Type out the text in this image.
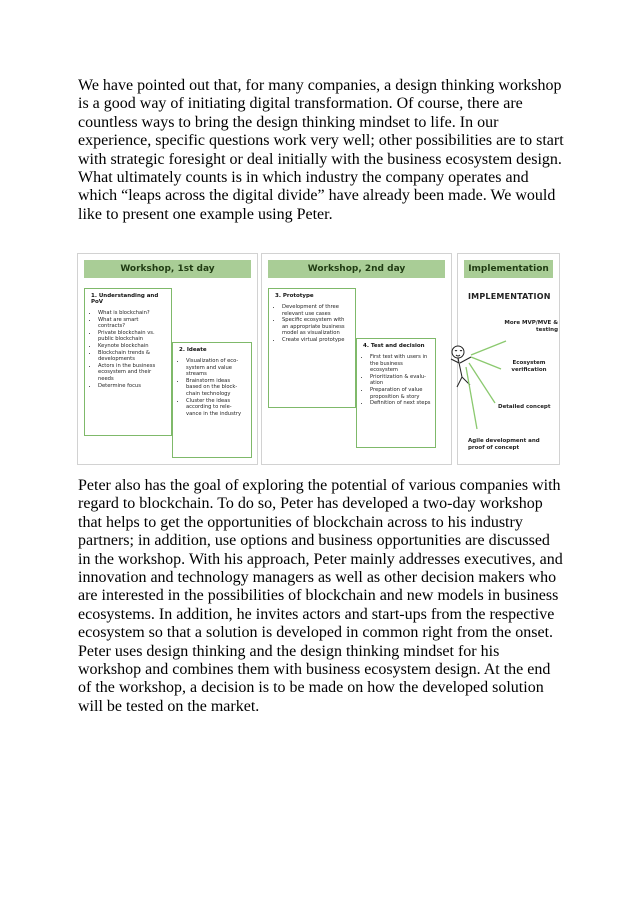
We have pointed out that, for many companies, a design thinking workshop is a good way of initiating digital transformation. Of course, there are countless ways to bring the design thinking mindset to life. In our experience, specific questions work very well; other possibilities are to start with strategic foresight or deal initially with the business ecosystem design. What ultimately counts is in which industry the company operates and which “leaps across the digital divide” have already been made. We would like to present one example using Peter.

Workshop, 1st day
1. Understanding and PoV
• What is blockchain?
• What are smart contracts?
• Private blockchain vs. public blockchain
• Keynote blockchain
• Blockchain trends & developments
• Actors in the business ecosystem and their needs
• Determine focus
2. Ideate
• Visualization of eco-system and value streams
• Brainstorm ideas based on the block-chain technology
• Cluster the ideas according to rele-vance in the industry
Workshop, 2nd day
3. Prototype
• Development of three relevant use cases
• Specific ecosystem with an appropriate business model as visualization
• Create virtual prototype
4. Test and decision
• First test with users in the business ecosystem
• Prioritization & evalu-ation
• Preparation of value proposition & story
• Definition of next steps
Implementation
IMPLEMENTATION
More MVP/MVE & testing
Ecosystem verification
Detailed concept
Agile development and proof of concept

Peter also has the goal of exploring the potential of various companies with regard to blockchain. To do so, Peter has developed a two-day workshop that helps to get the opportunities of blockchain across to his industry partners; in addition, use options and business opportunities are discussed in the workshop. With his approach, Peter mainly addresses executives, and innovation and technology managers as well as other decision makers who are interested in the possibilities of blockchain and new models in business ecosystems. In addition, he invites actors and start-ups from the respective ecosystem so that a solution is developed in common right from the onset. Peter uses design thinking and the design thinking mindset for his workshop and combines them with business ecosystem design. At the end of the workshop, a decision is to be made on how the developed solution will be tested on the market.
